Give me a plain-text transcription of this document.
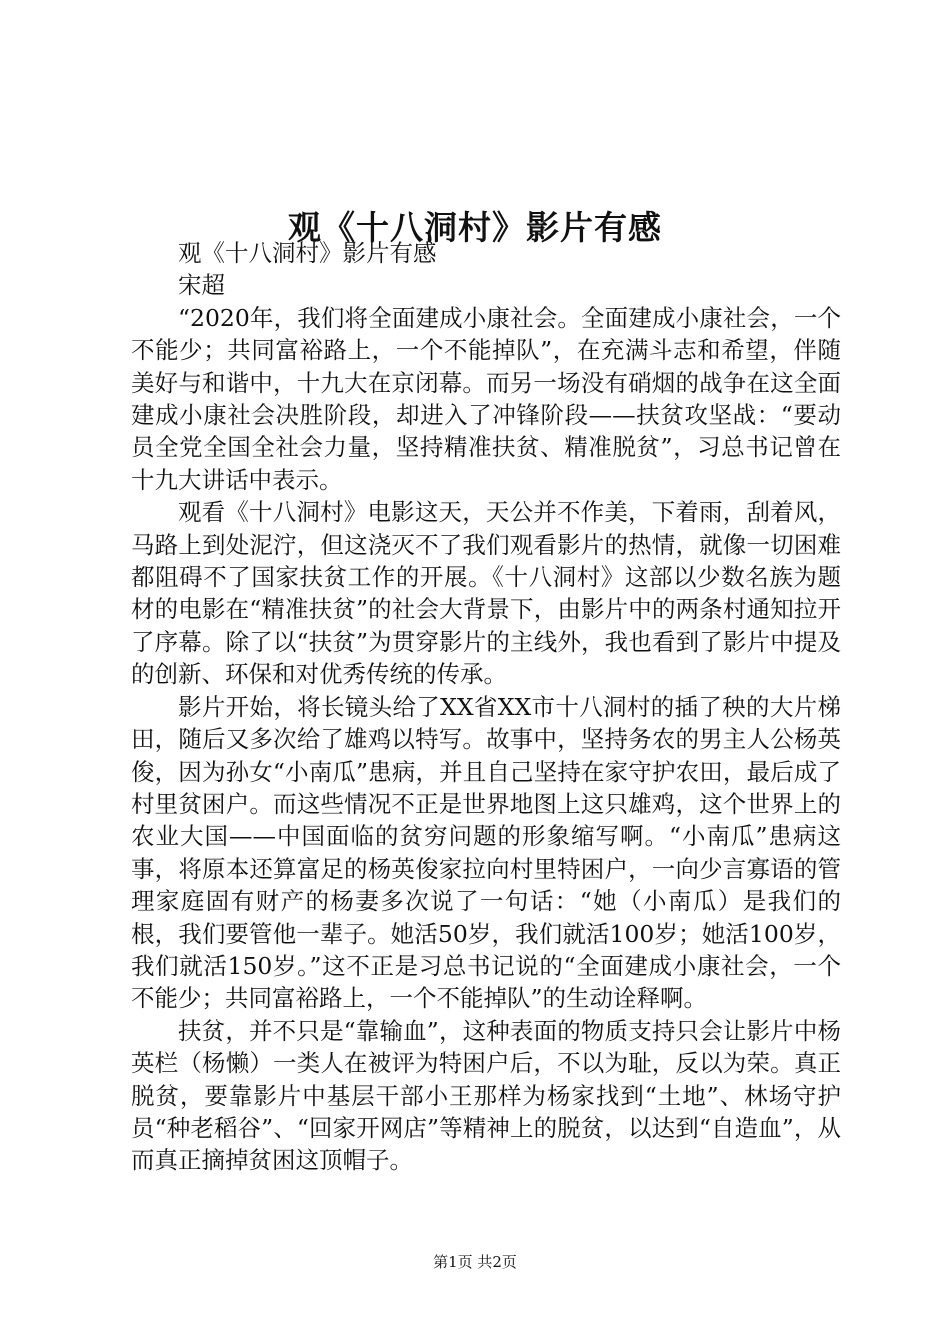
观《十八洞村》影片有感

观《十八洞村》影片有感

宋超

“2020年，我们将全面建成小康社会。全面建成小康社会，一个不能少；共同富裕路上，一个不能掉队”，在充满斗志和希望，伴随美好与和谐中，十九大在京闭幕。而另一场没有硝烟的战争在这全面建成小康社会决胜阶段，却进入了冲锋阶段——扶贫攻坚战：“要动员全党全国全社会力量，坚持精准扶贫、精准脱贫”，习总书记曾在十九大讲话中表示。

观看《十八洞村》电影这天，天公并不作美，下着雨，刮着风，马路上到处泥泞，但这浇灭不了我们观看影片的热情，就像一切困难都阻碍不了国家扶贫工作的开展。《十八洞村》这部以少数名族为题材的电影在“精准扶贫”的社会大背景下，由影片中的两条村通知拉开了序幕。除了以“扶贫”为贯穿影片的主线外，我也看到了影片中提及的创新、环保和对优秀传统的传承。

影片开始，将长镜头给了XX省XX市十八洞村的插了秧的大片梯田，随后又多次给了雄鸡以特写。故事中，坚持务农的男主人公杨英俊，因为孙女“小南瓜”患病，并且自己坚持在家守护农田，最后成了村里贫困户。而这些情况不正是世界地图上这只雄鸡，这个世界上的农业大国——中国面临的贫穷问题的形象缩写啊。“小南瓜”患病这事，将原本还算富足的杨英俊家拉向村里特困户，一向少言寡语的管理家庭固有财产的杨妻多次说了一句话：“她（小南瓜）是我们的根，我们要管他一辈子。她活50岁，我们就活100岁；她活100岁，我们就活150岁。”这不正是习总书记说的“全面建成小康社会，一个不能少；共同富裕路上，一个不能掉队”的生动诠释啊。

扶贫，并不只是“靠输血”，这种表面的物质支持只会让影片中杨英栏（杨懒）一类人在被评为特困户后，不以为耻，反以为荣。真正脱贫，要靠影片中基层干部小王那样为杨家找到“土地”、林场守护员“种老稻谷”、“回家开网店”等精神上的脱贫，以达到“自造血”，从而真正摘掉贫困这顶帽子。

第1页 共2页
